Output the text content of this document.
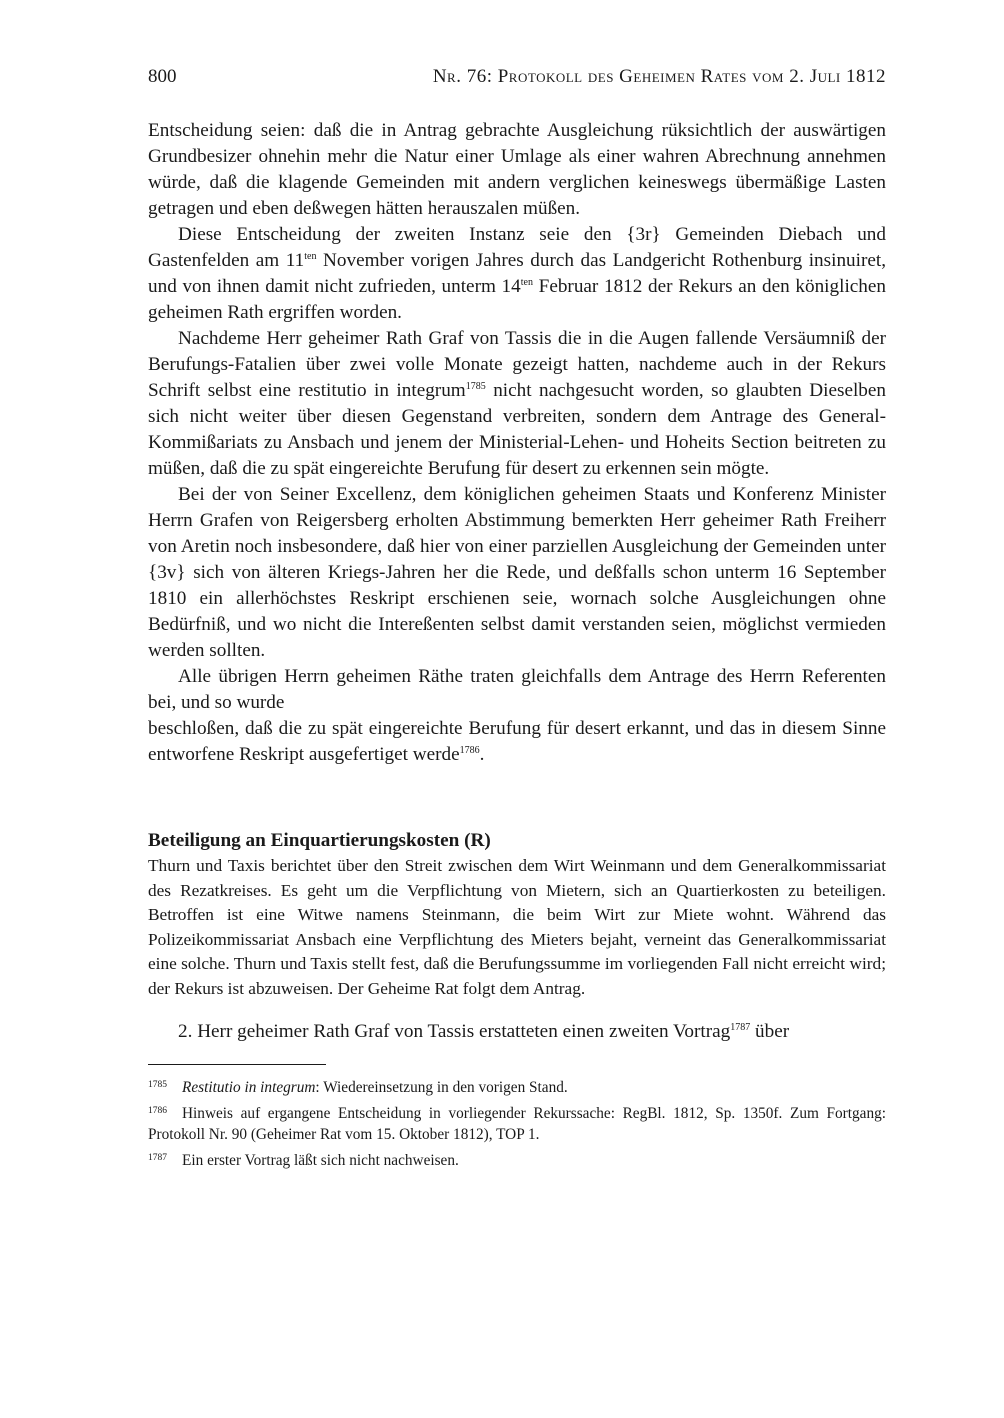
800	Nr. 76: Protokoll des Geheimen Rates vom 2. Juli 1812

Entscheidung seien: daß die in Antrag gebrachte Ausgleichung rüksichtlich der auswärtigen Grundbesizer ohnehin mehr die Natur einer Umlage als einer wahren Abrechnung annehmen würde, daß die klagende Gemeinden mit andern verglichen keineswegs übermäßige Lasten getragen und eben deßwegen hätten herauszalen müßen.

Diese Entscheidung der zweiten Instanz seie den {3r} Gemeinden Diebach und Gastenfelden am $11^{ten}$ November vorigen Jahres durch das Landgericht Rothenburg insinuiret, und von ihnen damit nicht zufrieden, unterm $14^{ten}$ Februar 1812 der Rekurs an den königlichen geheimen Rath ergriffen worden.

Nachdeme Herr geheimer Rath Graf von Tassis die in die Augen fallende Versäumniß der Berufungs-Fatalien über zwei volle Monate gezeigt hatten, nachdeme auch in der Rekurs Schrift selbst eine restitutio in integrum$^{1785}$ nicht nachgesucht worden, so glaubten Dieselben sich nicht weiter über diesen Gegenstand verbreiten, sondern dem Antrage des General-Kommißariats zu Ansbach und jenem der Ministerial-Lehen- und Hoheits Section beitreten zu müßen, daß die zu spät eingereichte Berufung für desert zu erkennen sein mögte.

Bei der von Seiner Excellenz, dem königlichen geheimen Staats und Konferenz Minister Herrn Grafen von Reigersberg erholten Abstimmung bemerkten Herr geheimer Rath Freiherr von Aretin noch insbesondere, daß hier von einer parziellen Ausgleichung der Gemeinden unter {3v} sich von älteren Kriegs-Jahren her die Rede, und deßfalls schon unterm 16 September 1810 ein allerhöchstes Reskript erschienen seie, wornach solche Ausgleichungen ohne Bedürfniß, und wo nicht die Intereßenten selbst damit verstanden seien, möglichst vermieden werden sollten.

Alle übrigen Herrn geheimen Räthe traten gleichfalls dem Antrage des Herrn Referenten bei, und so wurde

beschloßen, daß die zu spät eingereichte Berufung für desert erkannt, und das in diesem Sinne entworfene Reskript ausgefertiget werde$^{1786}$.

Beteiligung an Einquartierungskosten (R)

Thurn und Taxis berichtet über den Streit zwischen dem Wirt Weinmann und dem Generalkommissariat des Rezatkreises. Es geht um die Verpflichtung von Mietern, sich an Quartierkosten zu beteiligen. Betroffen ist eine Witwe namens Steinmann, die beim Wirt zur Miete wohnt. Während das Polizeikommissariat Ansbach eine Verpflichtung des Mieters bejaht, verneint das Generalkommissariat eine solche. Thurn und Taxis stellt fest, daß die Berufungssumme im vorliegenden Fall nicht erreicht wird; der Rekurs ist abzuweisen. Der Geheime Rat folgt dem Antrag.

2. Herr geheimer Rath Graf von Tassis erstatteten einen zweiten Vortrag$^{1787}$ über

1785 Restitutio in integrum: Wiedereinsetzung in den vorigen Stand.

1786 Hinweis auf ergangene Entscheidung in vorliegender Rekurssache: RegBl. 1812, Sp. 1350f. Zum Fortgang: Protokoll Nr. 90 (Geheimer Rat vom 15. Oktober 1812), TOP 1.

1787 Ein erster Vortrag läßt sich nicht nachweisen.
